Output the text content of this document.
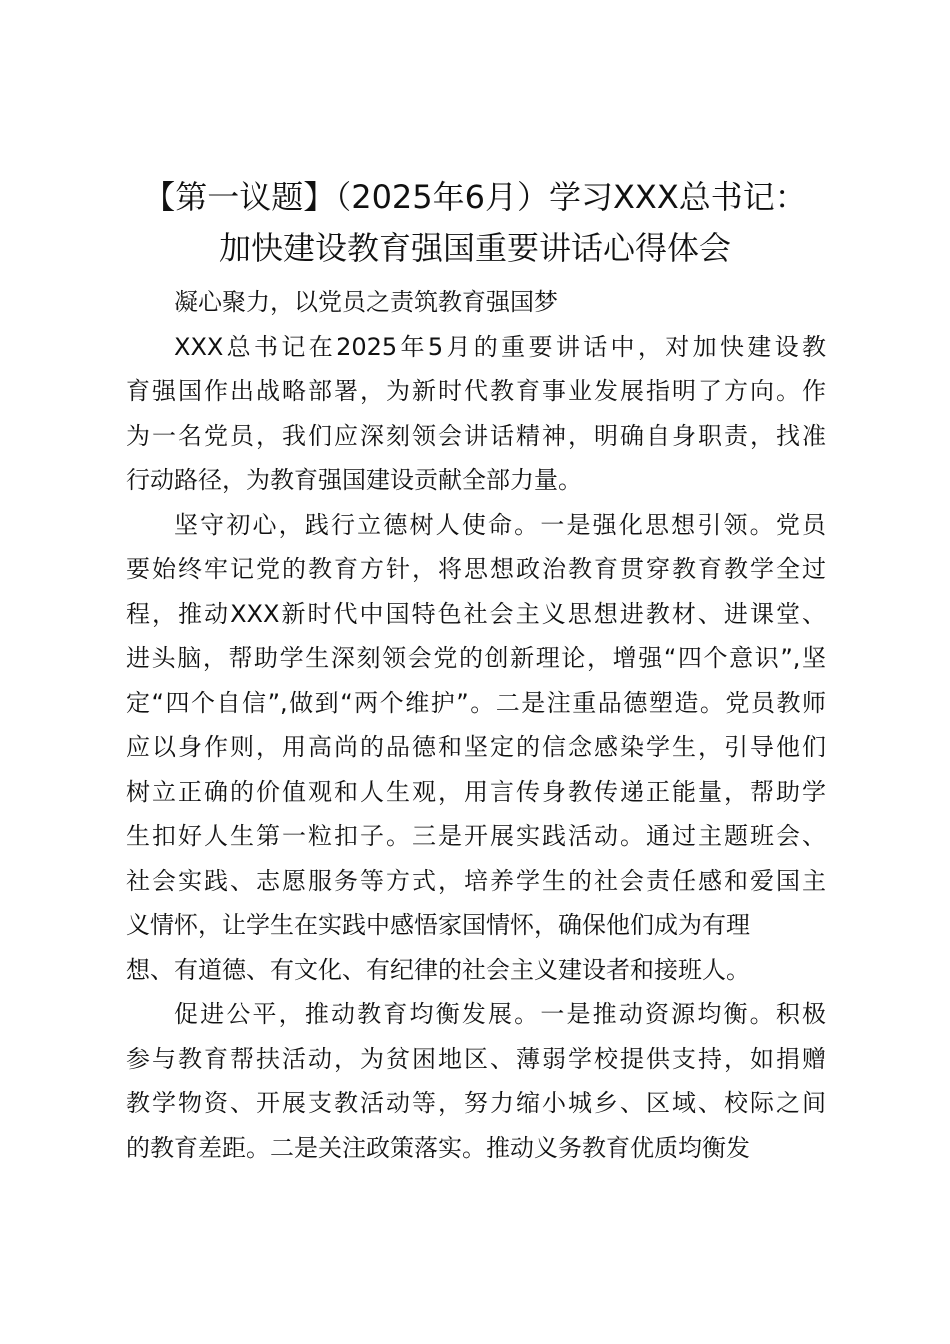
【第一议题】（2025年6月）学习XXX总书记：
加快建设教育强国重要讲话心得体会

凝心聚力，以党员之责筑教育强国梦

XXX总书记在2025年5月的重要讲话中，对加快建设教
育强国作出战略部署，为新时代教育事业发展指明了方向。作
为一名党员，我们应深刻领会讲话精神，明确自身职责，找准
行动路径，为教育强国建设贡献全部力量。

坚守初心，践行立德树人使命。一是强化思想引领。党员
要始终牢记党的教育方针，将思想政治教育贯穿教育教学全过
程，推动XXX新时代中国特色社会主义思想进教材、进课堂、
进头脑，帮助学生深刻领会党的创新理论，增强“四个意识”,坚
定“四个自信”,做到“两个维护”。二是注重品德塑造。党员教师
应以身作则，用高尚的品德和坚定的信念感染学生，引导他们
树立正确的价值观和人生观，用言传身教传递正能量，帮助学
生扣好人生第一粒扣子。三是开展实践活动。通过主题班会、
社会实践、志愿服务等方式，培养学生的社会责任感和爱国主
义情怀，让学生在实践中感悟家国情怀，确保他们成为有理
想、有道德、有文化、有纪律的社会主义建设者和接班人。

促进公平，推动教育均衡发展。一是推动资源均衡。积极
参与教育帮扶活动，为贫困地区、薄弱学校提供支持，如捐赠
教学物资、开展支教活动等，努力缩小城乡、区域、校际之间
的教育差距。二是关注政策落实。推动义务教育优质均衡发
